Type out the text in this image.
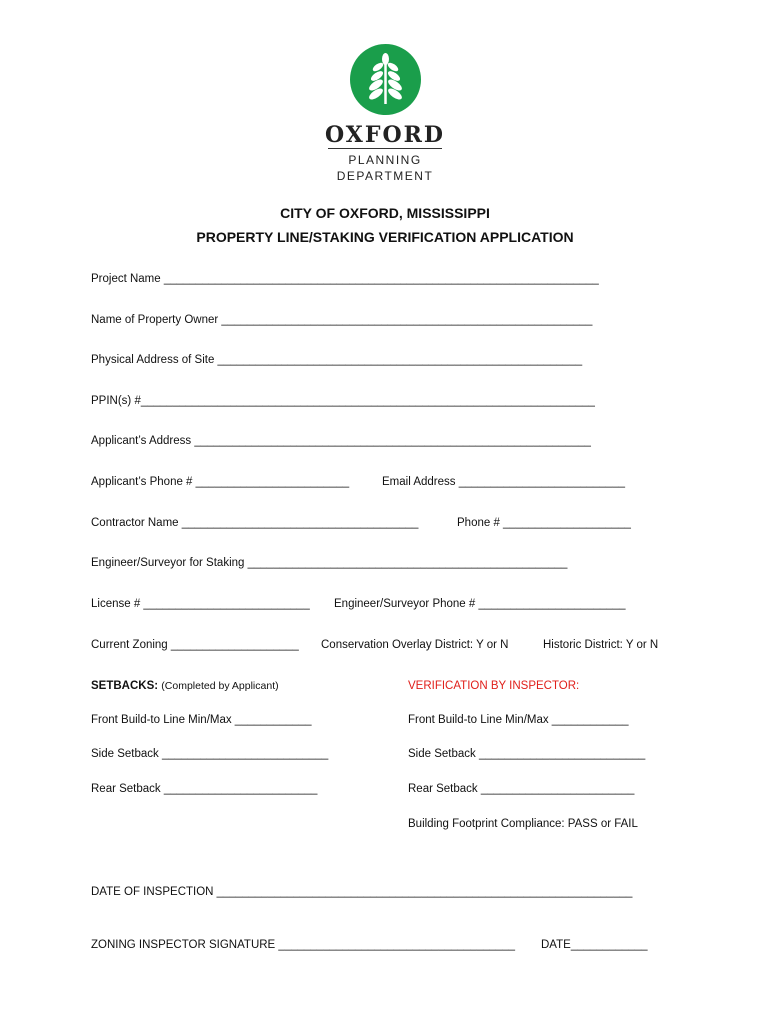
OXFORD
PLANNING
DEPARTMENT
CITY OF OXFORD, MISSISSIPPI
PROPERTY LINE/STAKING VERIFICATION APPLICATION
Project Name ____________________________________________________________________
Name of Property Owner __________________________________________________________
Physical Address of Site _________________________________________________________
PPIN(s) #_______________________________________________________________________
Applicant’s Address ______________________________________________________________
Applicant’s Phone # ________________________	Email Address __________________________
Contractor Name _____________________________________	Phone # ____________________
Engineer/Surveyor for Staking __________________________________________________
License # __________________________ Engineer/Surveyor Phone # _______________________
Current Zoning ____________________ Conservation Overlay District: Y or N	Historic District: Y or N
SETBACKS: (Completed by Applicant)	VERIFICATION BY INSPECTOR:
Front Build-to Line Min/Max ____________	Front Build-to Line Min/Max ____________
Side Setback __________________________	Side Setback __________________________
Rear Setback ________________________	Rear Setback ________________________
Building Footprint Compliance: PASS or FAIL
DATE OF INSPECTION _________________________________________________________________
ZONING INSPECTOR SIGNATURE _____________________________________ DATE____________
